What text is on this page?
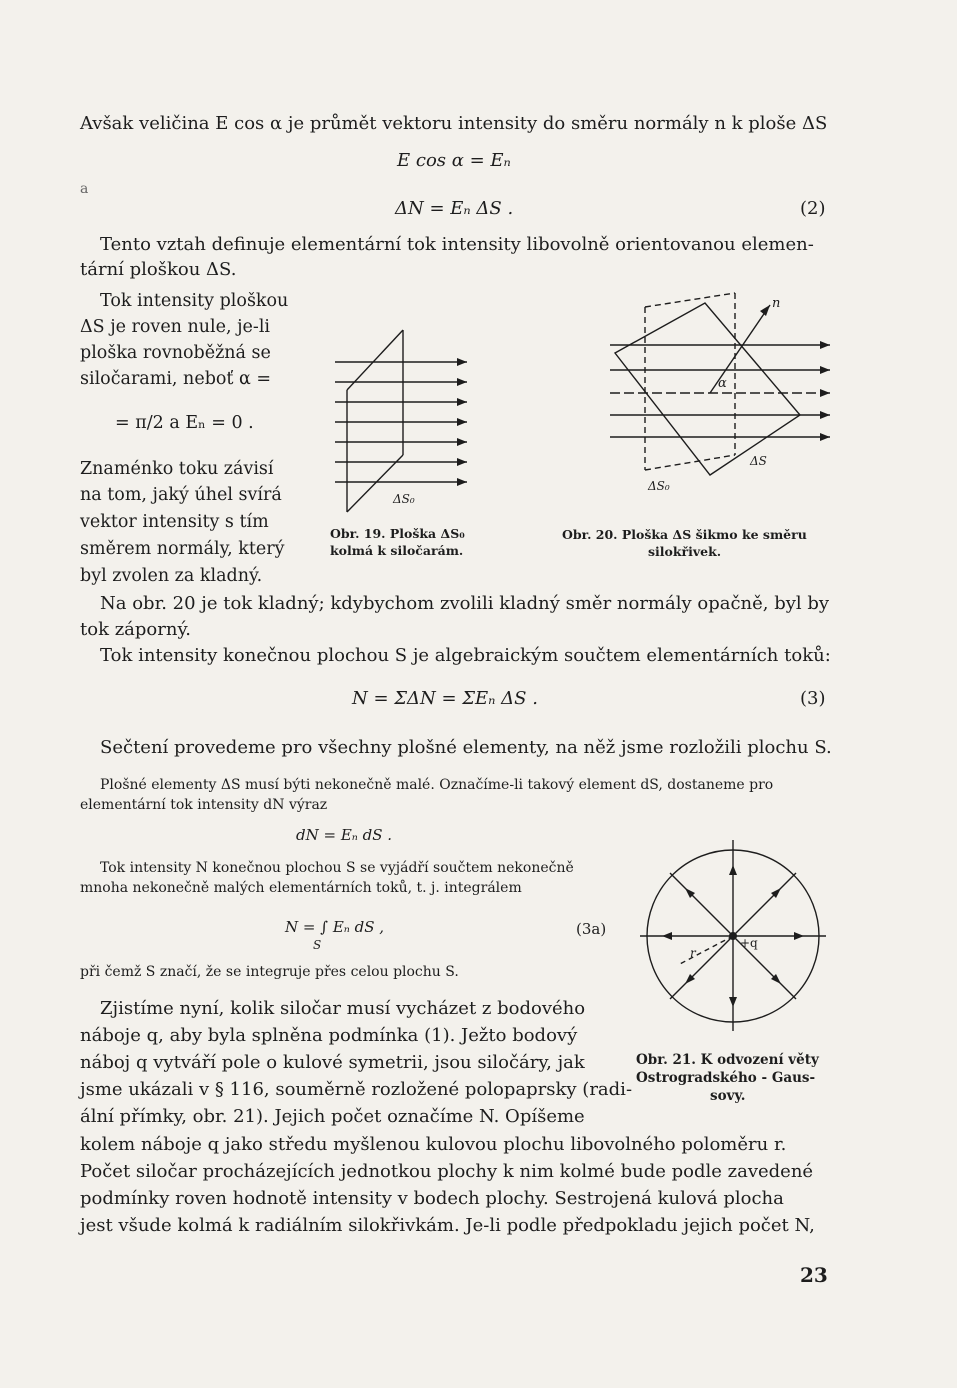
Avšak veličina E cos α je průmět vektoru intensity do směru normály n k ploše ΔS
E cos α = Eₙ
a
ΔN = Eₙ ΔS .	(2)
Tento vztah definuje elementární tok intensity libovolně orientovanou elemen-
tární ploškou ΔS.
Tok intensity ploškou
ΔS je roven nule, je-li
ploška rovnoběžná se
siločarami, neboť α =
= π/2 a Eₙ = 0 .
Znaménko toku závisí
na tom, jaký úhel svírá
vektor intensity s tím
směrem normály, který
byl zvolen za kladný.
ΔS₀
Obr. 19. Ploška ΔS₀
kolmá k siločarám.
n
α
ΔS
ΔS₀
Obr. 20. Ploška ΔS šikmo ke směru
silokřivek.
Na obr. 20 je tok kladný; kdybychom zvolili kladný směr normály opačně, byl by
tok záporný.
Tok intensity konečnou plochou S je algebraickým součtem elementárních toků:
N = ΣΔN = ΣEₙ ΔS .	(3)
Sečtení provedeme pro všechny plošné elementy, na něž jsme rozložili plochu S.
Plošné elementy ΔS musí býti nekonečně malé. Označíme-li takový element dS, dostaneme pro
elementární tok intensity dN výraz
dN = Eₙ dS .
Tok intensity N konečnou plochou S se vyjádří součtem nekonečně
mnoha nekonečně malých elementárních toků, t. j. integrálem
N = ∫ Eₙ dS ,
S
(3a)
při čemž S značí, že se integruje přes celou plochu S.
+q
r
Obr. 21. K odvození věty
Ostrogradského - Gaus-
sovy.
Zjistíme nyní, kolik siločar musí vycházet z bodového
náboje q, aby byla splněna podmínka (1). Ježto bodový
náboj q vytváří pole o kulové symetrii, jsou siločáry, jak
jsme ukázali v § 116, souměrně rozložené polopaprsky (radi-
ální přímky, obr. 21). Jejich počet označíme N. Opíšeme
kolem náboje q jako středu myšlenou kulovou plochu libovolného poloměru r.
Počet siločar procházejících jednotkou plochy k nim kolmé bude podle zavedené
podmínky roven hodnotě intensity v bodech plochy. Sestrojená kulová plocha
jest všude kolmá k radiálním silokřivkám. Je-li podle předpokladu jejich počet N,
23
